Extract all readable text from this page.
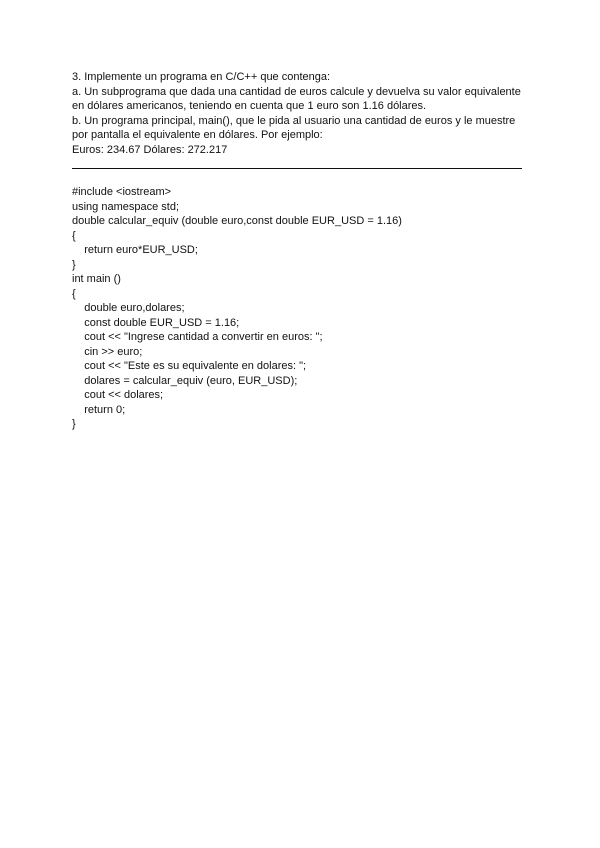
3. Implemente un programa en C/C++ que contenga:
a. Un subprograma que dada una cantidad de euros calcule y devuelva su valor equivalente
en dólares americanos, teniendo en cuenta que 1 euro son 1.16 dólares.
b. Un programa principal, main(), que le pida al usuario una cantidad de euros y le muestre
por pantalla el equivalente en dólares. Por ejemplo:
Euros: 234.67 Dólares: 272.217
#include <iostream>
using namespace std;
double calcular_equiv (double euro,const double EUR_USD = 1.16)
{
return euro*EUR_USD;
}
int main ()
{
double euro,dolares;
const double EUR_USD = 1.16;
cout << "Ingrese cantidad a convertir en euros: ";
cin >> euro;
cout << "Este es su equivalente en dolares: ";
dolares = calcular_equiv (euro, EUR_USD);
cout << dolares;
return 0;
}
